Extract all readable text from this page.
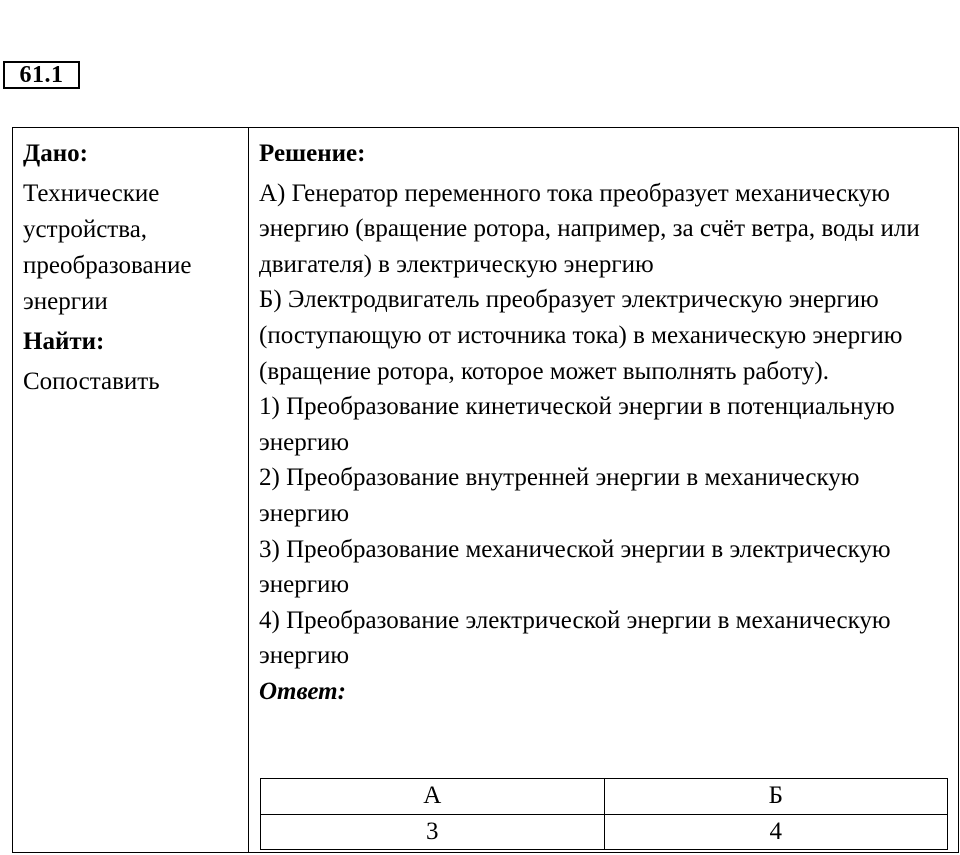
61.1
Дано:
Технические устройства, преобразование энергии
Найти:
Сопоставить
Решение:

А) Генератор переменного тока преобразует механическую энергию (вращение ротора, например, за счёт ветра, воды или двигателя) в электрическую энергию

Б) Электродвигатель преобразует электрическую энергию (поступающую от источника тока) в механическую энергию (вращение ротора, которое может выполнять работу).

1) Преобразование кинетической энергии в потенциальную энергию

2) Преобразование внутренней энергии в механическую энергию

3) Преобразование механической энергии в электрическую энергию

4) Преобразование электрической энергии в механическую энергию

Ответ:

А	Б
3	4
